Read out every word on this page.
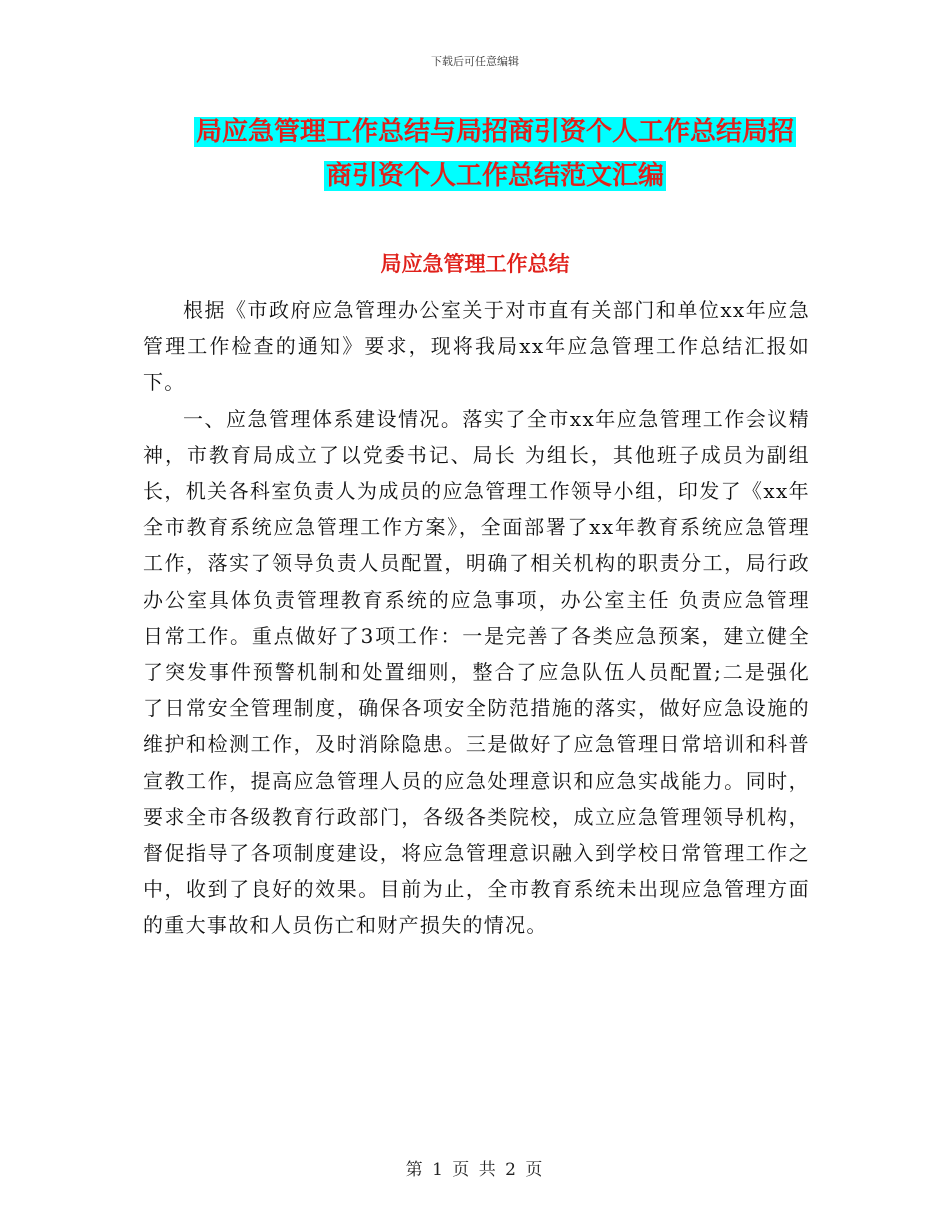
下载后可任意编辑
局应急管理工作总结与局招商引资个人工作总结局招
商引资个人工作总结范文汇编
局应急管理工作总结

根据《市政府应急管理办公室关于对市直有关部门和单位xx年应急管理工作检查的通知》要求，现将我局xx年应急管理工作总结汇报如下。

一、应急管理体系建设情况。落实了全市xx年应急管理工作会议精神，市教育局成立了以党委书记、局长 为组长，其他班子成员为副组长，机关各科室负责人为成员的应急管理工作领导小组，印发了《xx年全市教育系统应急管理工作方案》，全面部署了xx年教育系统应急管理工作，落实了领导负责人员配置，明确了相关机构的职责分工，局行政办公室具体负责管理教育系统的应急事项，办公室主任 负责应急管理日常工作。重点做好了3项工作：一是完善了各类应急预案，建立健全了突发事件预警机制和处置细则，整合了应急队伍人员配置;二是强化了日常安全管理制度，确保各项安全防范措施的落实，做好应急设施的维护和检测工作，及时消除隐患。三是做好了应急管理日常培训和科普宣教工作，提高应急管理人员的应急处理意识和应急实战能力。同时，要求全市各级教育行政部门，各级各类院校，成立应急管理领导机构，督促指导了各项制度建设，将应急管理意识融入到学校日常管理工作之中，收到了良好的效果。目前为止，全市教育系统未出现应急管理方面的重大事故和人员伤亡和财产损失的情况。

第 1 页 共 2 页
